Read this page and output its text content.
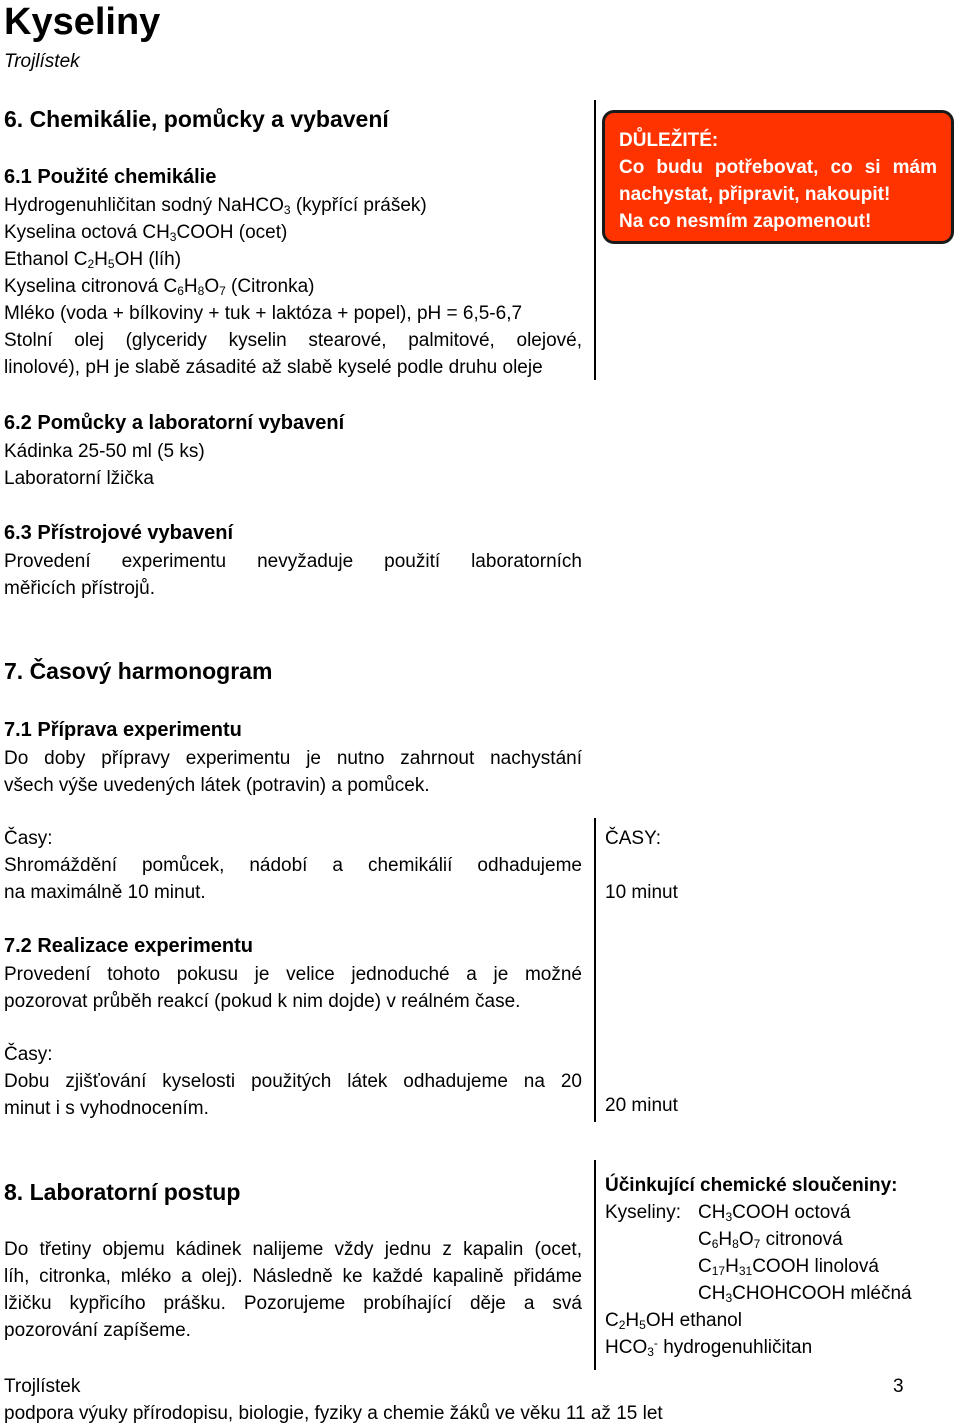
Kyseliny
Trojlístek
6. Chemikálie, pomůcky a vybavení
6.1 Použité chemikálie
Hydrogenuhličitan sodný NaHCO$_3$ (kypřící prášek)
Kyselina octová $CH_3COOH$ (ocet)
Ethanol $C_2H_5OH$ (líh)
Kyselina citronová $C_6H_8O_7$ (Citronka)
Mléko (voda + bílkoviny + tuk + laktóza + popel), pH = 6,5-6,7
Stolní olej (glyceridy kyselin stearové, palmitové, olejové,
linolové), pH je slabě zásadité až slabě kyselé podle druhu oleje
6.2 Pomůcky a laboratorní vybavení
Kádinka 25-50 ml (5 ks)
Laboratorní lžička
6.3 Přístrojové vybavení
Provedení experimentu nevyžaduje použití laboratorních
měřicích přístrojů.
DŮLEŽITÉ:
Co budu potřebovat, co si mám
nachystat, připravit, nakoupit!
Na co nesmím zapomenout!
7. Časový harmonogram
7.1 Příprava experimentu
Do doby přípravy experimentu je nutno zahrnout nachystání
všech výše uvedených látek (potravin) a pomůcek.
Časy:
Shromáždění pomůcek, nádobí a chemikálií odhadujeme
na maximálně 10 minut.
ČASY:
10 minut
7.2 Realizace experimentu
Provedení tohoto pokusu je velice jednoduché a je možné
pozorovat průběh reakcí (pokud k nim dojde) v reálném čase.
Časy:
Dobu zjišťování kyselosti použitých látek odhadujeme na 20
minut i s vyhodnocením.	20 minut
8. Laboratorní postup
Do třetiny objemu kádinek nalijeme vždy jednu z kapalin (ocet,
líh, citronka, mléko a olej). Následně ke každé kapalině přidáme
lžičku kypřicího prášku. Pozorujeme probíhající děje a svá
pozorování zapíšeme.
Účinkující chemické sloučeniny:
Kyseliny: $CH_3COOH$ octová
$C_6H_8O_7$ citronová
$C_{17}H_{31}COOH$ linolová
$CH_3CHOHCOOH$ mléčná
$C_2H_5OH$ ethanol
$HCO_3^-$ hydrogenuhličitan
Trojlístek	3
podpora výuky přírodopisu, biologie, fyziky a chemie žáků ve věku 11 až 15 let
